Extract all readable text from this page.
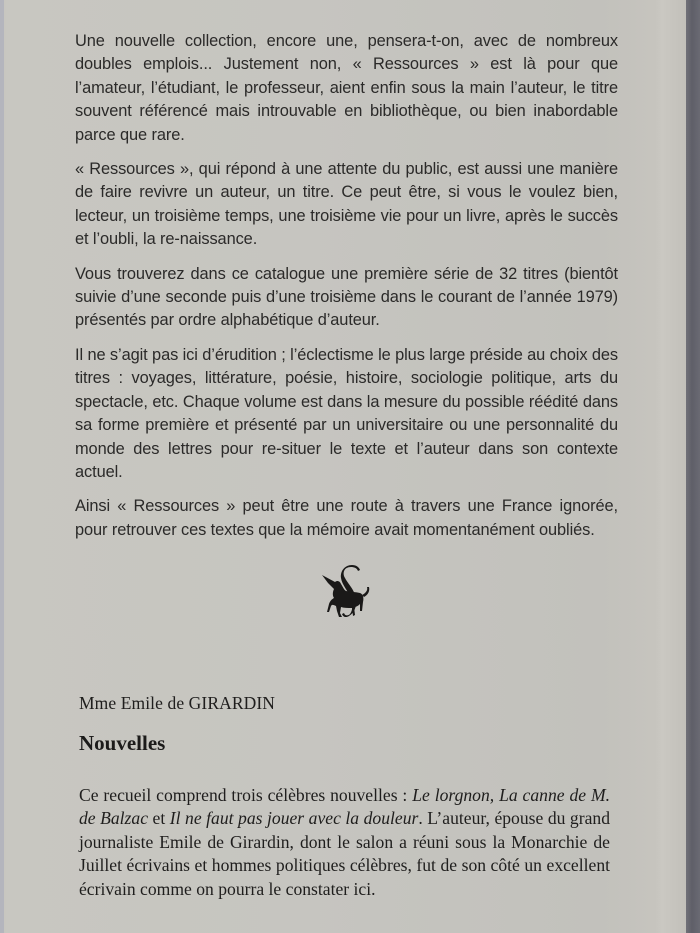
Une nouvelle collection, encore une, pensera-t-on, avec de nombreux doubles emplois... Justement non, « Ressources » est là pour que l’amateur, l’étudiant, le professeur, aient enfin sous la main l’auteur, le titre souvent référencé mais introuvable en bibliothèque, ou bien inabordable parce que rare.

« Ressources », qui répond à une attente du public, est aussi une manière de faire revivre un auteur, un titre. Ce peut être, si vous le voulez bien, lecteur, un troisième temps, une troisième vie pour un livre, après le succès et l’oubli, la re-naissance.

Vous trouverez dans ce catalogue une première série de 32 titres (bientôt suivie d’une seconde puis d’une troisième dans le courant de l’année 1979) présentés par ordre alphabétique d’auteur.

Il ne s’agit pas ici d’érudition ; l’éclectisme le plus large préside au choix des titres : voyages, littérature, poésie, histoire, sociologie politique, arts du spectacle, etc. Chaque volume est dans la mesure du possible réédité dans sa forme première et présenté par un universitaire ou une personnalité du monde des lettres pour re-situer le texte et l’auteur dans son contexte actuel.

Ainsi « Ressources » peut être une route à travers une France ignorée, pour retrouver ces textes que la mémoire avait momentanément oubliés.

Mme Emile de GIRARDIN
Nouvelles

Ce recueil comprend trois célèbres nouvelles : Le lorgnon, La canne de M. de Balzac et Il ne faut pas jouer avec la douleur. L’auteur, épouse du grand journaliste Emile de Girardin, dont le salon a réuni sous la Monarchie de Juillet écrivains et hommes politiques célèbres, fut de son côté un excellent écrivain comme on pourra le constater ici.
